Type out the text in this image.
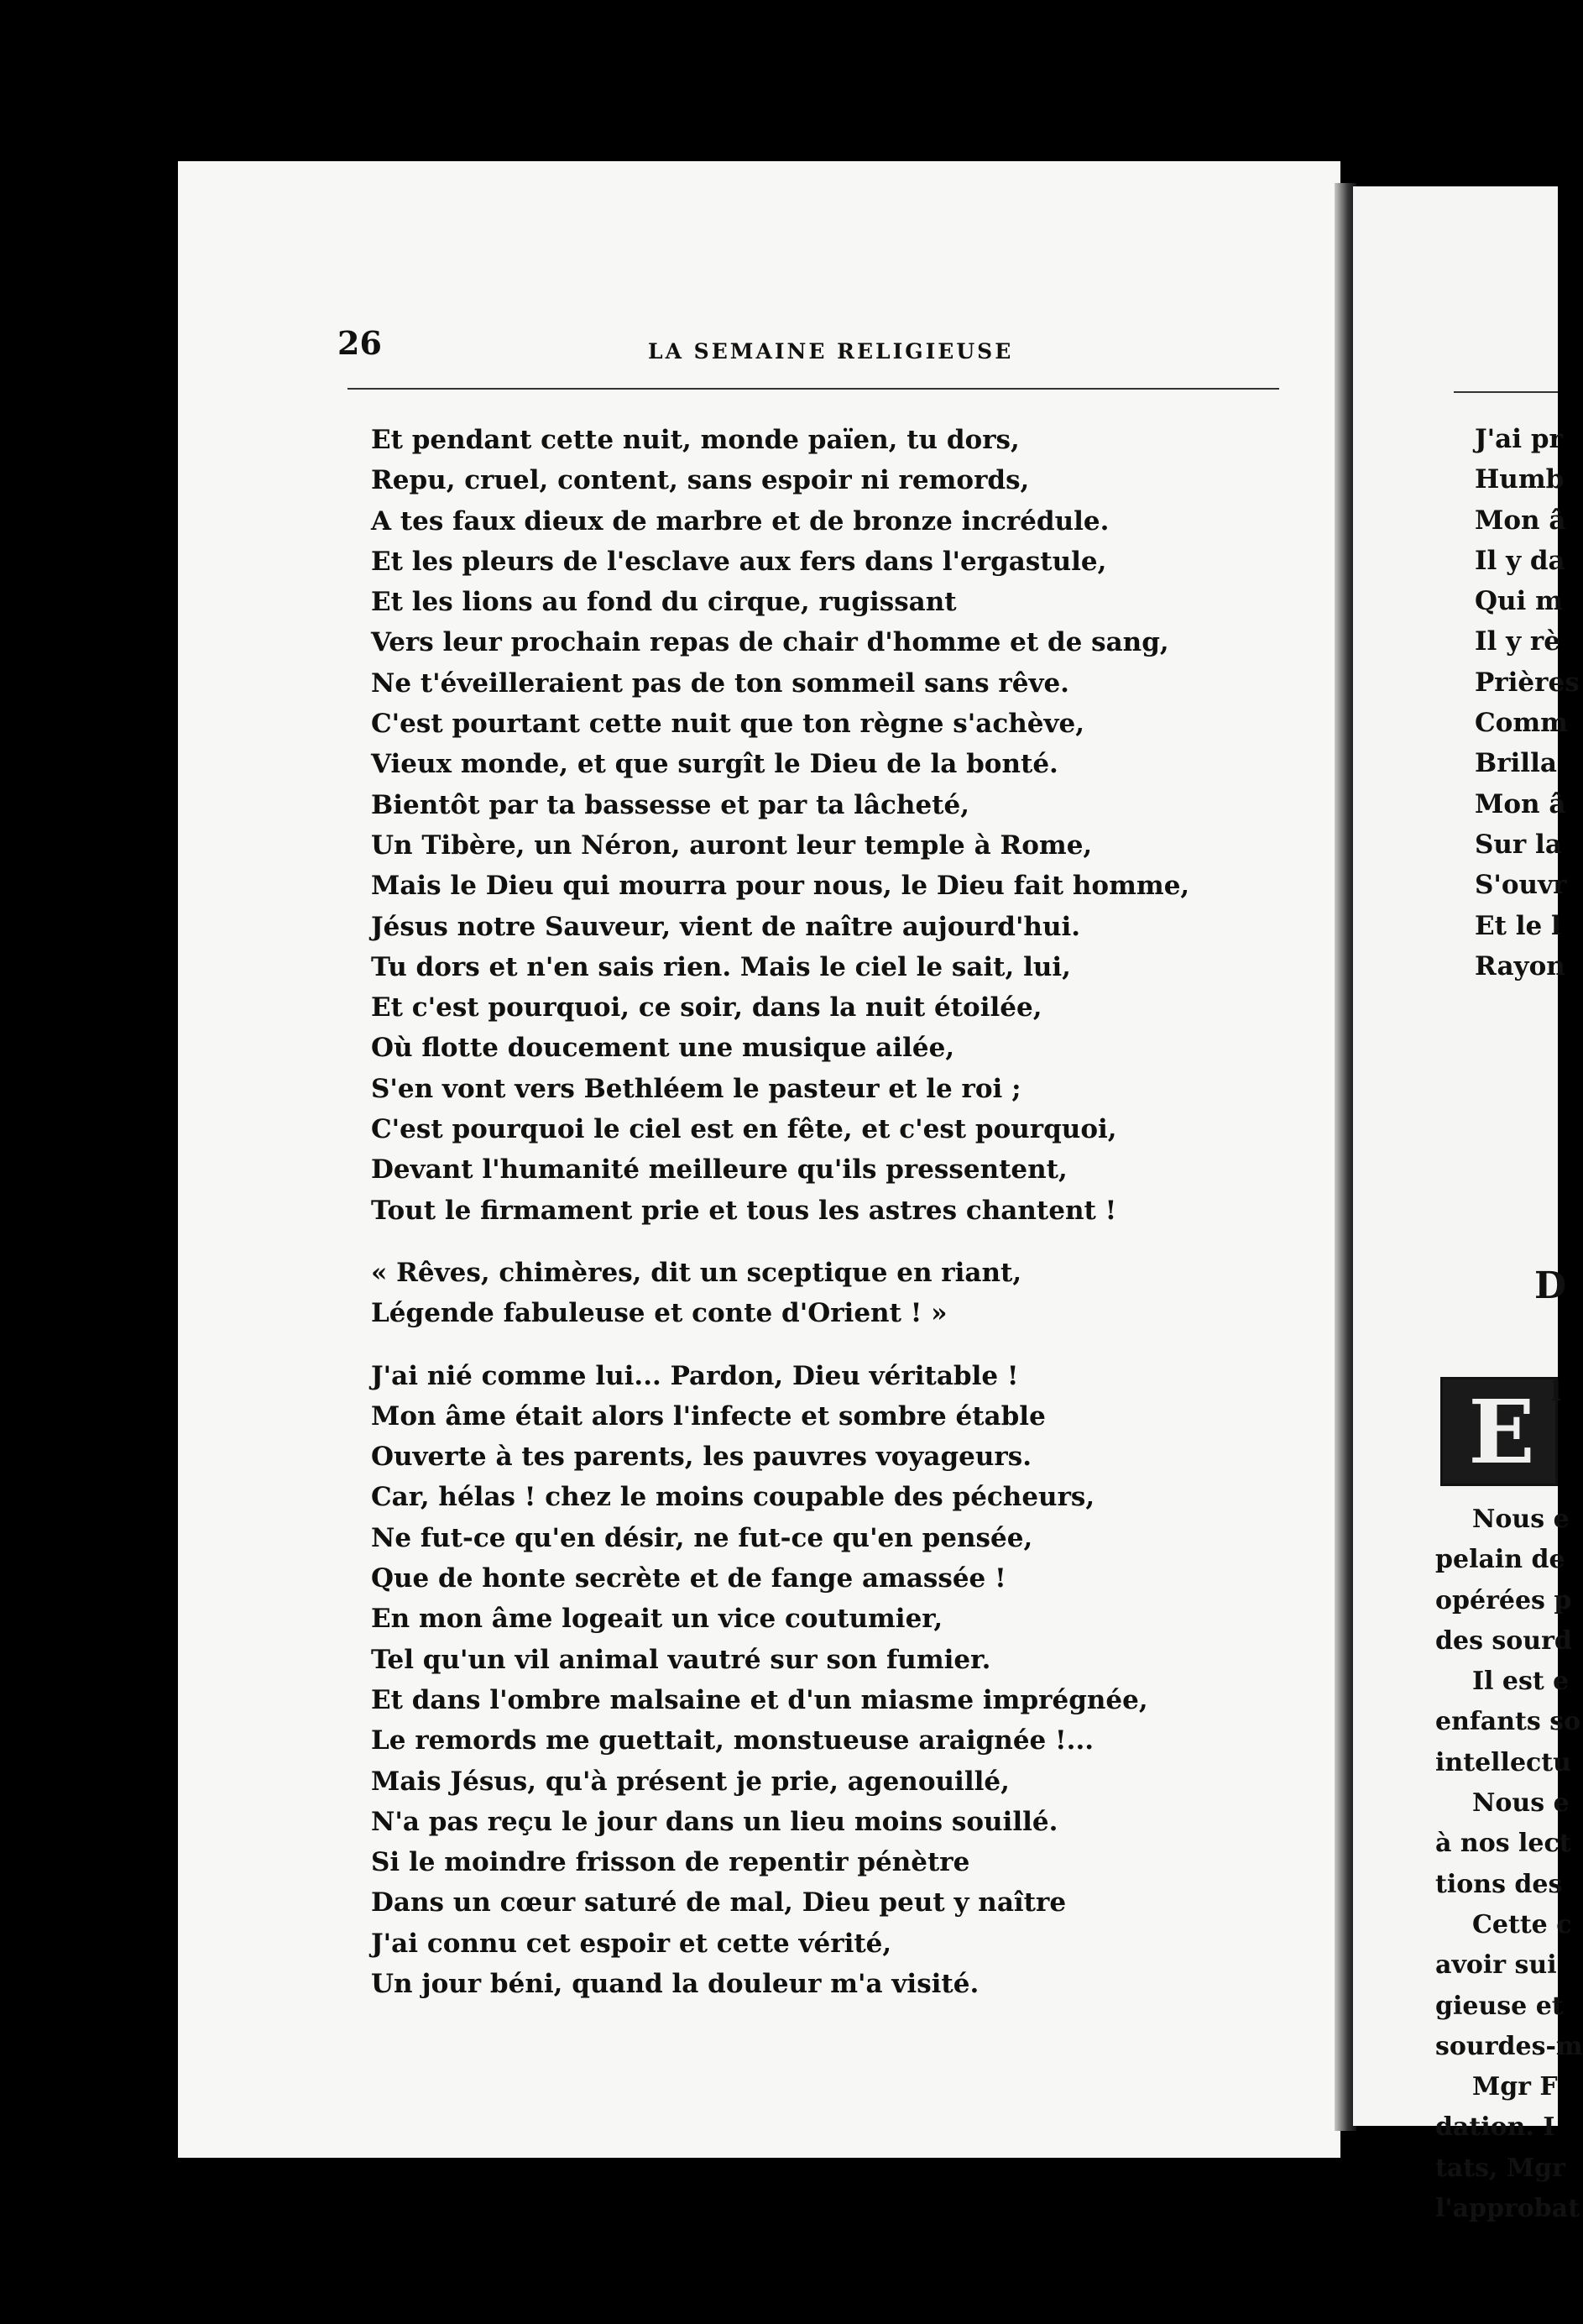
J'ai pr
Humb
Mon â
Il y da
Qui m
Il y rè
Prières
Comm
Brilla
Mon â
Sur la
S'ouvr
Et le l
Rayon
D
E l
Nous e
pelain de
opérées p
des sourd
Il est e
enfants so
intellectu
Nous e
à nos lect
tions des
Cette c
avoir sui
gieuse et
sourdes-m
Mgr F
dation. I
tats, Mgr
l'approbat
26	LA SEMAINE RELIGIEUSE
Et pendant cette nuit, monde païen, tu dors,
Repu, cruel, content, sans espoir ni remords,
A tes faux dieux de marbre et de bronze incrédule.
Et les pleurs de l'esclave aux fers dans l'ergastule,
Et les lions au fond du cirque, rugissant
Vers leur prochain repas de chair d'homme et de sang,
Ne t'éveilleraient pas de ton sommeil sans rêve.
C'est pourtant cette nuit que ton règne s'achève,
Vieux monde, et que surgît le Dieu de la bonté.
Bientôt par ta bassesse et par ta lâcheté,
Un Tibère, un Néron, auront leur temple à Rome,
Mais le Dieu qui mourra pour nous, le Dieu fait homme,
Jésus notre Sauveur, vient de naître aujourd'hui.
Tu dors et n'en sais rien. Mais le ciel le sait, lui,
Et c'est pourquoi, ce soir, dans la nuit étoilée,
Où flotte doucement une musique ailée,
S'en vont vers Bethléem le pasteur et le roi ;
C'est pourquoi le ciel est en fête, et c'est pourquoi,
Devant l'humanité meilleure qu'ils pressentent,
Tout le firmament prie et tous les astres chantent !
« Rêves, chimères, dit un sceptique en riant,
Légende fabuleuse et conte d'Orient ! »
J'ai nié comme lui... Pardon, Dieu véritable !
Mon âme était alors l'infecte et sombre étable
Ouverte à tes parents, les pauvres voyageurs.
Car, hélas ! chez le moins coupable des pécheurs,
Ne fut-ce qu'en désir, ne fut-ce qu'en pensée,
Que de honte secrète et de fange amassée !
En mon âme logeait un vice coutumier,
Tel qu'un vil animal vautré sur son fumier.
Et dans l'ombre malsaine et d'un miasme imprégnée,
Le remords me guettait, monstueuse araignée !...
Mais Jésus, qu'à présent je prie, agenouillé,
N'a pas reçu le jour dans un lieu moins souillé.
Si le moindre frisson de repentir pénètre
Dans un cœur saturé de mal, Dieu peut y naître
J'ai connu cet espoir et cette vérité,
Un jour béni, quand la douleur m'a visité.
